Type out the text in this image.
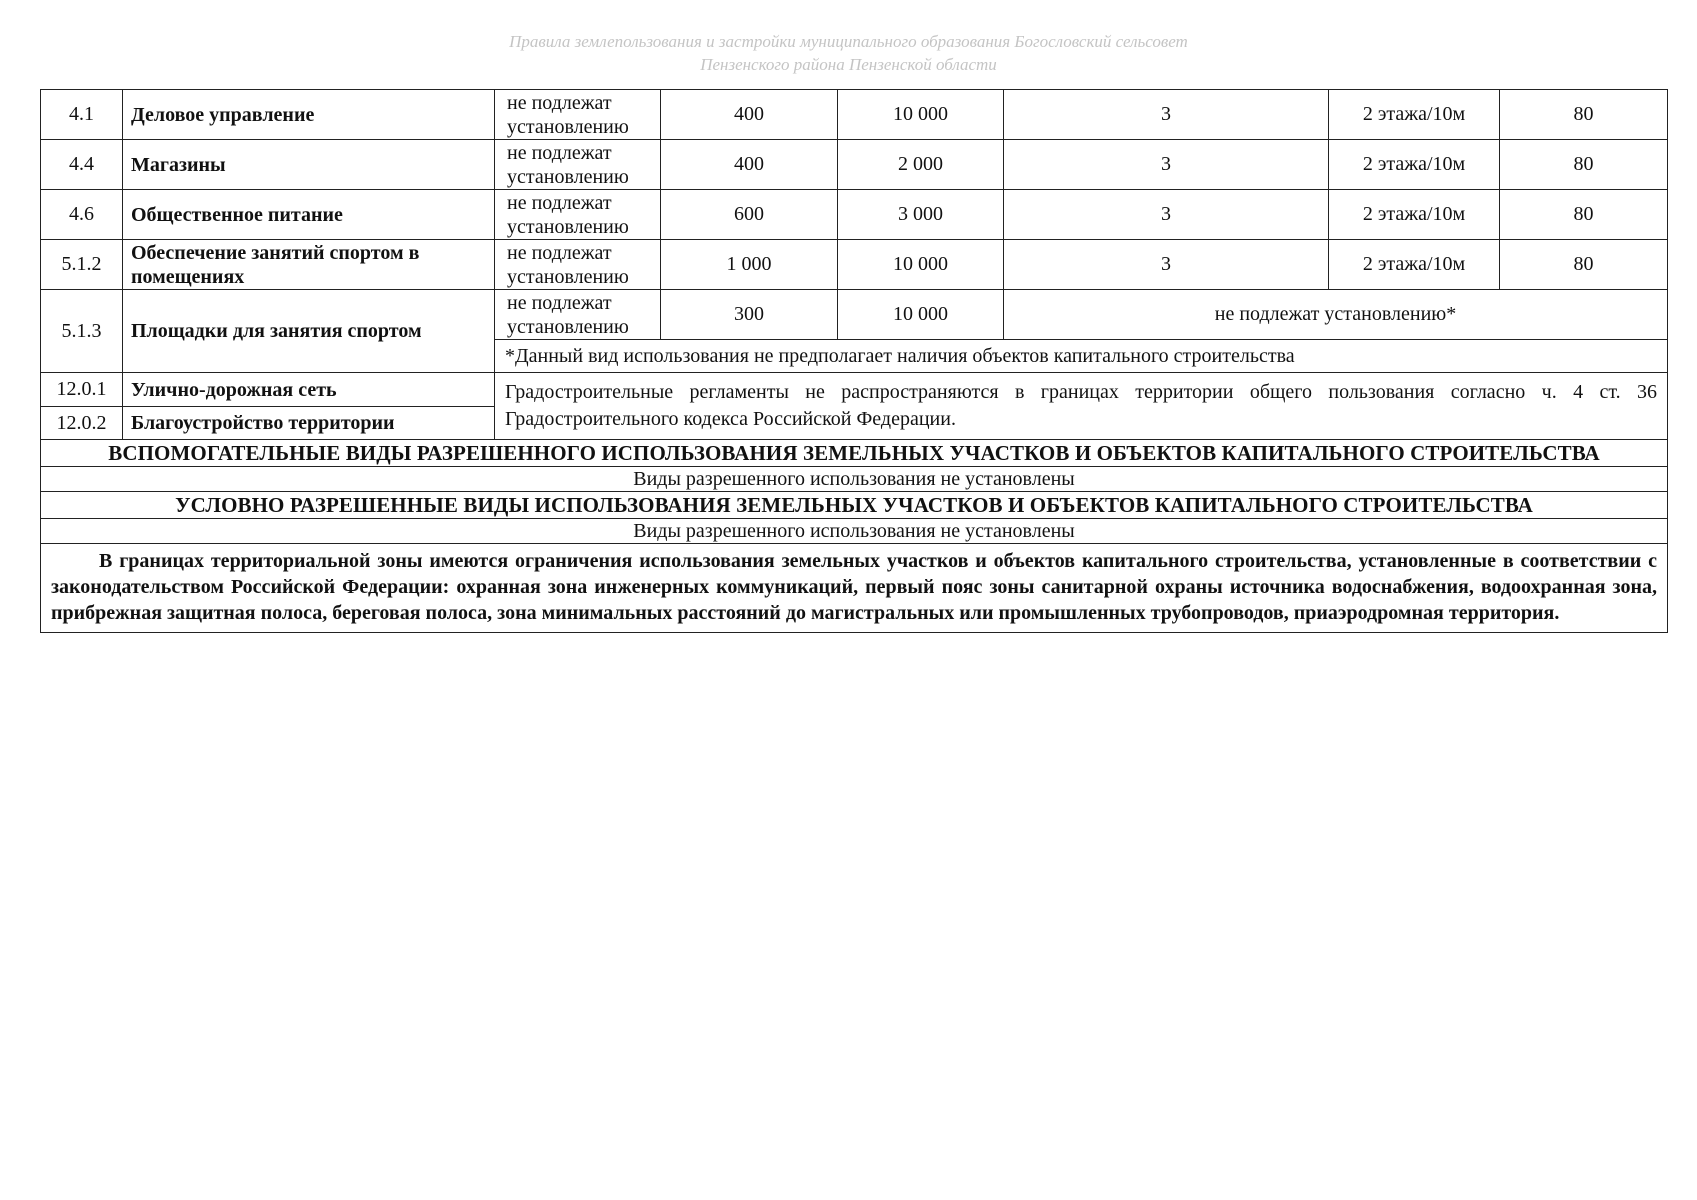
Правила землепользования и застройки муниципального образования Богословский сельсовет
Пензенского района Пензенской области
4.1	Деловое управление	не подлежат установлению	400	10 000	3	2 этажа/10м	80
4.4	Магазины	не подлежат установлению	400	2 000	3	2 этажа/10м	80
4.6	Общественное питание	не подлежат установлению	600	3 000	3	2 этажа/10м	80
5.1.2	Обеспечение занятий спортом в помещениях	не подлежат установлению	1 000	10 000	3	2 этажа/10м	80
5.1.3	Площадки для занятия спортом	не подлежат установлению	300	10 000	не подлежат установлению*		
		*Данный вид использования не предполагает наличия объектов капитального строительства					
12.0.1	Улично-дорожная сеть	Градостроительные регламенты не распространяются в границах территории общего пользования согласно ч. 4 ст. 36 Градостроительного кодекса Российской Федерации.					
12.0.2	Благоустройство территории						
ВСПОМОГАТЕЛЬНЫЕ ВИДЫ РАЗРЕШЕННОГО ИСПОЛЬЗОВАНИЯ ЗЕМЕЛЬНЫХ УЧАСТКОВ И ОБЪЕКТОВ КАПИТАЛЬНОГО СТРОИТЕЛЬСТВА							
Виды разрешенного использования не установлены							
УСЛОВНО РАЗРЕШЕННЫЕ ВИДЫ ИСПОЛЬЗОВАНИЯ ЗЕМЕЛЬНЫХ УЧАСТКОВ И ОБЪЕКТОВ КАПИТАЛЬНОГО СТРОИТЕЛЬСТВА							
Виды разрешенного использования не установлены							
В границах территориальной зоны имеются ограничения использования земельных участков и объектов капитального строительства, установленные в соответствии с законодательством Российской Федерации: охранная зона инженерных коммуникаций, первый пояс зоны санитарной охраны источника водоснабжения, водоохранная зона, прибрежная защитная полоса, береговая полоса, зона минимальных расстояний до магистральных или промышленных трубопроводов, приаэродромная территория.							
